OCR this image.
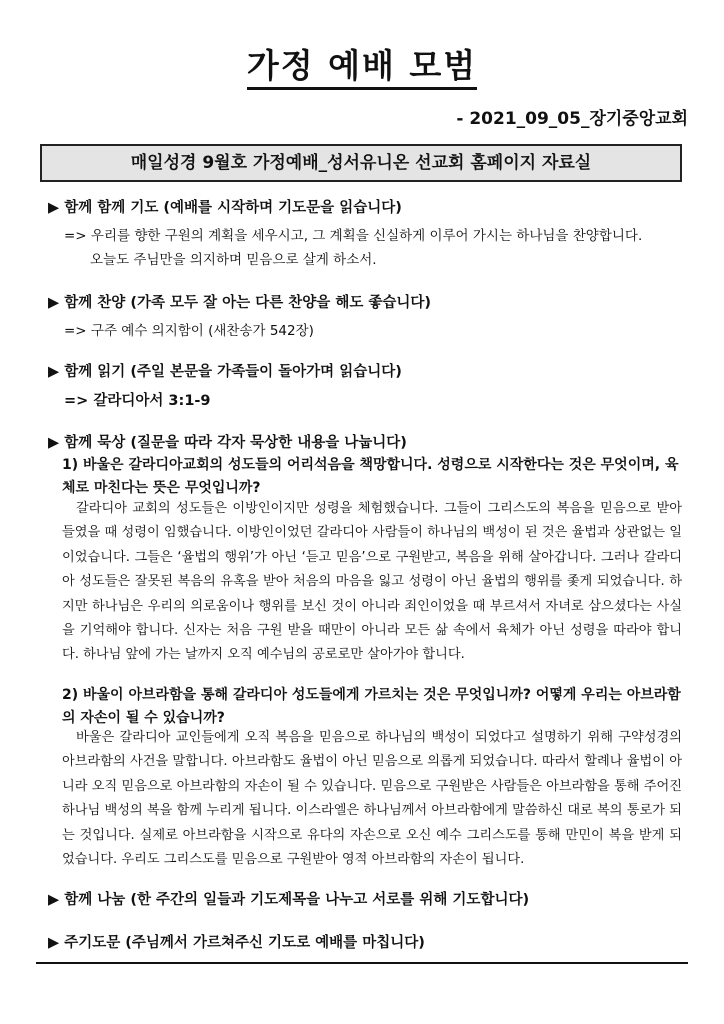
가정 예배 모범
- 2021_09_05_장기중앙교회
매일성경 9월호 가정예배_성서유니온 선교회 홈페이지 자료실
▶ 함께 함께 기도 (예배를 시작하며 기도문을 읽습니다)
=> 우리를 향한 구원의 계획을 세우시고, 그 계획을 신실하게 이루어 가시는 하나님을 찬양합니다.
오늘도 주님만을 의지하며 믿음으로 살게 하소서.
▶ 함께 찬양 (가족 모두 잘 아는 다른 찬양을 해도 좋습니다)
=> 구주 예수 의지함이 (새찬송가 542장)
▶ 함께 읽기 (주일 본문을 가족들이 돌아가며 읽습니다)
=> 갈라디아서 3:1-9
▶ 함께 묵상 (질문을 따라 각자 묵상한 내용을 나눕니다)
1) 바울은 갈라디아교회의 성도들의 어리석음을 책망합니다. 성령으로 시작한다는 것은 무엇이며, 육체로 마친다는 뜻은 무엇입니까?
갈라디아 교회의 성도들은 이방인이지만 성령을 체험했습니다. 그들이 그리스도의 복음을 믿음으로 받아들였을 때 성령이 임했습니다. 이방인이었던 갈라디아 사람들이 하나님의 백성이 된 것은 율법과 상관없는 일이었습니다. 그들은 ‘율법의 행위’가 아닌 ‘듣고 믿음’으로 구원받고, 복음을 위해 살아갑니다. 그러나 갈라디아 성도들은 잘못된 복음의 유혹을 받아 처음의 마음을 잃고 성령이 아닌 율법의 행위를 좇게 되었습니다. 하지만 하나님은 우리의 의로움이나 행위를 보신 것이 아니라 죄인이었을 때 부르셔서 자녀로 삼으셨다는 사실을 기억해야 합니다. 신자는 처음 구원 받을 때만이 아니라 모든 삶 속에서 육체가 아닌 성령을 따라야 합니다. 하나님 앞에 가는 날까지 오직 예수님의 공로로만 살아가야 합니다.
2) 바울이 아브라함을 통해 갈라디아 성도들에게 가르치는 것은 무엇입니까? 어떻게 우리는 아브라함의 자손이 될 수 있습니까?
바울은 갈라디아 교인들에게 오직 복음을 믿음으로 하나님의 백성이 되었다고 설명하기 위해 구약성경의 아브라함의 사건을 말합니다. 아브라함도 율법이 아닌 믿음으로 의롭게 되었습니다. 따라서 할례나 율법이 아니라 오직 믿음으로 아브라함의 자손이 될 수 있습니다. 믿음으로 구원받은 사람들은 아브라함을 통해 주어진 하나님 백성의 복을 함께 누리게 됩니다. 이스라엘은 하나님께서 아브라함에게 말씀하신 대로 복의 통로가 되는 것입니다. 실제로 아브라함을 시작으로 유다의 자손으로 오신 예수 그리스도를 통해 만민이 복을 받게 되었습니다. 우리도 그리스도를 믿음으로 구원받아 영적 아브라함의 자손이 됩니다.
▶ 함께 나눔 (한 주간의 일들과 기도제목을 나누고 서로를 위해 기도합니다)
▶ 주기도문 (주님께서 가르쳐주신 기도로 예배를 마칩니다)
